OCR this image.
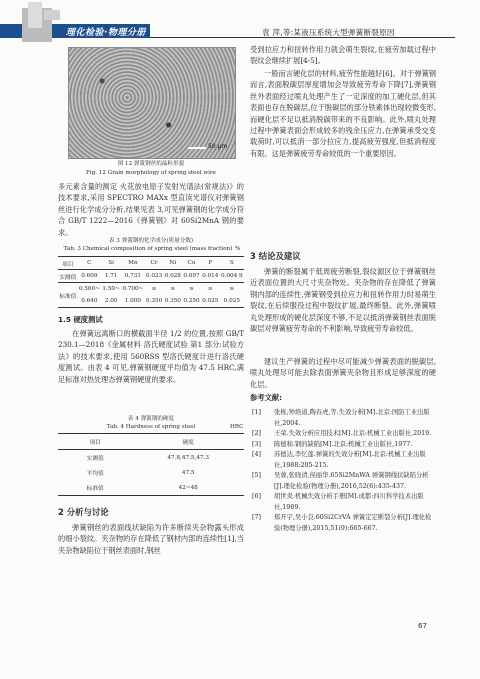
理化检验·物理分册	袁 萍,等:某液压系统大型弹簧断裂原因
50 μm
图 12 弹簧钢丝的晶粒形貌
Fig. 12 Grain morphology of spring steel wire
多元素含量的测定 火花放电原子发射光谱法(常规法)》的技术要求,采用 SPECTRO MAXx 型直读光谱仪对弹簧钢丝进行化学成分分析,结果见表 3,可见弹簧钢的化学成分符合 GB/T 1222—2016《弹簧钢》对 60Si2MnA 钢的要求。
表 3 弹簧钢的化学成分(质量分数)
Tab. 3 Chemical composition of spring steel (mass fraction) %
项目	C	Si	Mn	Cr	Ni	Cu	P	S
实测值	0.609	1.71	0.731	0.023	0.028	0.097	0.014	0.004 9
标准值	0.560~	1.50~	0.700~	≤	≤	≤	≤	≤
	0.640	2.00	1.000	0.350	0.350	0.250	0.025	0.025
1.5 硬度测试
在弹簧远离断口的横截面半径 1/2 的位置,按照 GB/T 230.1—2018《金属材料 洛氏硬度试验 第1 部分:试验方法》的技术要求,使用 560RSS 型洛氏硬度计进行洛氏硬度测试。由表 4 可见,弹簧钢硬度平均值为 47.5 HRC,满足标准对热处理态弹簧钢硬度的要求。
表 4 弹簧钢的硬度
Tab. 4 Hardness of spring steel	HRC
项目	硬度
实测值	47.8,47.5,47.3
平均值	47.5
标准值	42~48
2 分析与讨论
弹簧钢丝的表面线状缺陷为许多断续夹杂物露头形成的细小裂纹。夹杂物的存在降低了钢材内部的连续性[1],当夹杂物缺陷位于钢丝表面时,钢丝
受到拉应力和扭转作用力就会萌生裂纹,在疲劳加载过程中裂纹会继续扩展[4-5]。
一般而言硬化层的材料,疲劳性能越好[6]。对于弹簧钢而言,表面脱碳层厚度增加会导致疲劳寿命下降[7],弹簧钢丝外表面经过喷丸处理产生了一定深度的加工硬化层,但其表面也存在脱碳层,位于脱碳层的部分铁素体出现较微变形,而硬化层不足以抵消脱碳带来的不良影响。此外,喷丸处理过程中弹簧表面会形成较多的残余压应力,在弹簧承受交变载荷时,可以抵消一部分拉应力,提高疲劳强度,但抵消程度有限。这是弹簧疲劳寿命较低的一个重要原因。
3 结论及建议
弹簧的断裂属于低周疲劳断裂,裂纹源区位于弹簧钢丝近表面位置的大尺寸夹杂物处。夹杂物的存在降低了弹簧钢内部的连续性,弹簧钢受到拉应力和扭转作用力时易萌生裂纹,在后续服役过程中裂纹扩展,最终断裂。此外,弹簧喷丸处理形成的硬化层深度不够,不足以抵消弹簧钢丝表面脱碳层对弹簧疲劳寿命的不利影响,导致疲劳寿命较低。
建议生产弹簧的过程中尽可能减少弹簧表面的脱碳层,喷丸处理尽可能去除表面弹簧夹杂物且形成足够深度的硬化层。
参考文献:
[1] 张栋,钟培道,陶春虎,等.失效分析[M].北京:国防工业出版社,2004.
[2] 王荣.失效分析应用技术[M].北京:机械工业出版社,2019.
[3] 陈德和.钢的缺陷[M].北京:机械工业出版社,1977.
[4] 苏德达,李忆莲.弹簧的失效分析[M].北京:机械工业出版社,1988:205-215.
[5] 吴蓉,张晓清,侯丽华.65Si2MnWA 弹簧钢线状缺陷分析[J].理化检验(物理分册),2016,52(6):435-437.
[6] 胡世炎.机械失效分析手册[M].成都:四川科学技术出版社,1989.
[7] 郑开宇,吴小良.60Si2CrVA 弹簧定定断裂分析[J].理化检验(物理分册),2015,51(9):665-667.
67
